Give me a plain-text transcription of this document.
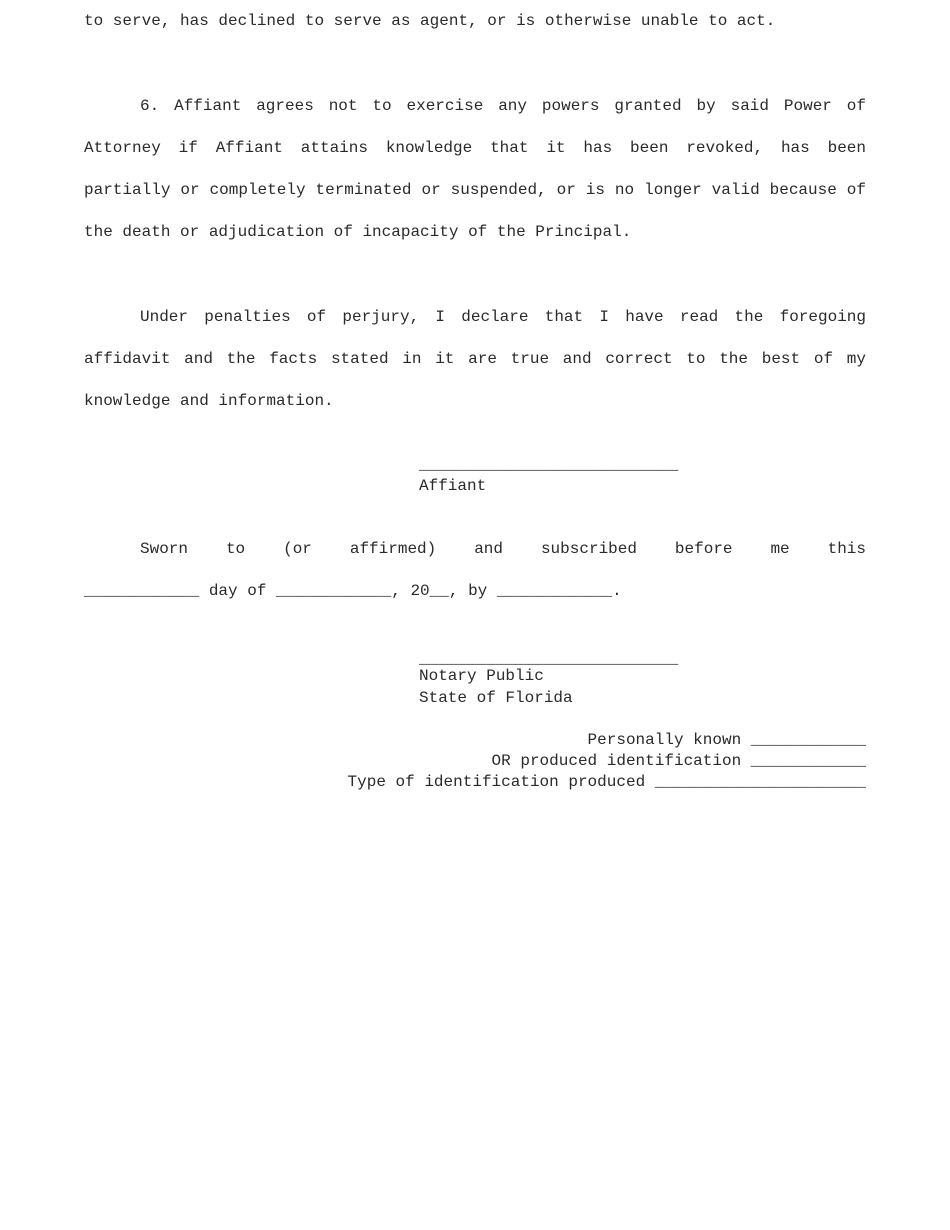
to serve, has declined to serve as agent, or is otherwise unable to act.

6. Affiant agrees not to exercise any powers granted by said Power of Attorney if Affiant attains knowledge that it has been revoked, has been partially or completely terminated or suspended, or is no longer valid because of the death or adjudication of incapacity of the Principal.

Under penalties of perjury, I declare that I have read the foregoing affidavit and the facts stated in it are true and correct to the best of my knowledge and information.

___________________________
Affiant
Sworn to (or affirmed) and subscribed before me this
____________ day of ____________, 20__, by ____________.
___________________________
Notary Public
State of Florida
Personally known ____________
OR produced identification ____________
Type of identification produced ______________________
